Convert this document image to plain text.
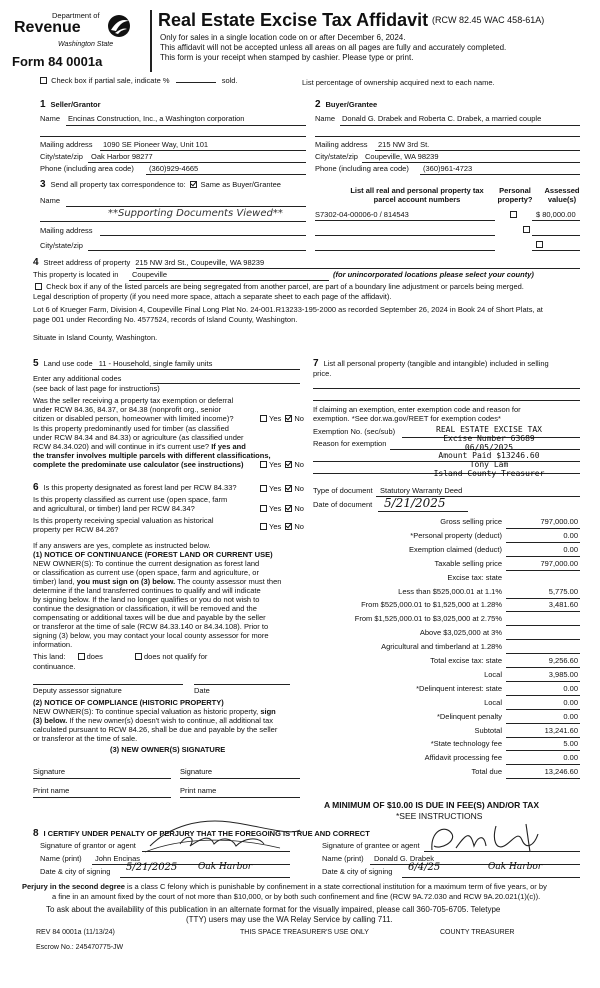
Department of
Revenue
Washington State
Form 84 0001a
Real Estate Excise Tax Affidavit (RCW 82.45 WAC 458-61A)
Only for sales in a single location code on or after December 6, 2024.
This affidavit will not be accepted unless all areas on all pages are fully and accurately completed.
This form is your receipt when stamped by cashier. Please type or print.
Check box if partial sale, indicate %	sold.	List percentage of ownership acquired next to each name.
1 Seller/Grantor
Name Encinas Construction, Inc., a Washington corporation
Mailing address 1090 SE Pioneer Way, Unit 101
City/state/zip Oak Harbor 98277
Phone (including area code) (360)929-4665
2 Buyer/Grantee
Name Donald G. Drabek and Roberta C. Drabek, a married couple
Mailing address 215 NW 3rd St.
City/state/zip Coupeville, WA 98239
Phone (including area code) (360)961-4723
3 Send all property tax correspondence to: Same as Buyer/Grantee
Name
**Supporting Documents Viewed**
Mailing address
City/state/zip
List all real and personal property tax parcel account numbers
Personal property?
Assessed value(s)
S7302-04-00006-0 / 814543
	$ 80,000.00

4 Street address of property 215 NW 3rd St., Coupeville, WA 98239
This property is located in Coupeville	(for unincorporated locations please select your county)
Check box if any of the listed parcels are being segregated from another parcel, are part of a boundary line adjustment or parcels being merged.
Legal description of property (if you need more space, attach a separate sheet to each page of the affidavit).
Lot 6 of Krueger Farm, Division 4, Coupeville Final Long Plat No. 24-001.R13233-195-2000 as recorded September 26, 2024 in Book 24 of Short Plats, at
page 001 under Recording No. 4577524, records of Island County, Washington.
Situate in Island County, Washington.
5 Land use code 11 - Household, single family units
Enter any additional codes
(see back of last page for instructions)
Was the seller receiving a property tax exemption or deferral
under RCW 84.36, 84.37, or 84.38 (nonprofit org., senior
citizen or disabled person, homeowner with limited income)?	Yes No
Is this property predominantly used for timber (as classified
under RCW 84.34 and 84.33) or agriculture (as classified under
RCW 84.34.020) and will continue in it's current use? If yes and
the transfer involves multiple parcels with different classifications,
complete the predominate use calculator (see instructions)	Yes No
6 Is this property designated as forest land per RCW 84.33?	Yes No
Is this property classified as current use (open space, farm
and agricultural, or timber) land per RCW 84.34?	Yes No
Is this property receiving special valuation as historical
property per RCW 84.26?	Yes No
If any answers are yes, complete as instructed below.
(1) NOTICE OF CONTINUANCE (FOREST LAND OR CURRENT USE)
NEW OWNER(S): To continue the current designation as forest land
or classification as current use (open space, farm and agriculture, or
timber) land, you must sign on (3) below. The county assessor must then
determine if the land transferred continues to qualify and will indicate
by signing below. If the land no longer qualifies or you do not wish to
continue the designation or classification, it will be removed and the
compensating or additional taxes will be due and payable by the seller
or transferor at the time of sale (RCW 84.33.140 or 84.34.108). Prior to
signing (3) below, you may contact your local county assessor for more
information.
This land:	does	does not qualify for
continuance.
Deputy assessor signature	Date
(2) NOTICE OF COMPLIANCE (HISTORIC PROPERTY)
NEW OWNER(S): To continue special valuation as historic property, sign
(3) below. If the new owner(s) doesn't wish to continue, all additional tax
calculated pursuant to RCW 84.26, shall be due and payable by the seller
or transferor at the time of sale.
(3) NEW OWNER(S) SIGNATURE
Signature	Signature
Print name	Print name
7 List all personal property (tangible and intangible) included in selling
price.
If claiming an exemption, enter exemption code and reason for
exemption. *See dor.wa.gov/REET for exemption codes*
Exemption No. (sec/sub)
Reason for exemption
REAL ESTATE EXCISE TAX
Excise Number 63689
06/05/2025
Amount Paid $13246.60
Tony Lam
Island County Treasurer
Type of document Statutory Warranty Deed
Date of document 5/21/2025
Gross selling price	797,000.00
*Personal property (deduct)	0.00
Exemption claimed (deduct)	0.00
Taxable selling price	797,000.00
Excise tax: state
Less than $525,000.01 at 1.1%	5,775.00
From $525,000.01 to $1,525,000 at 1.28%	3,481.60
From $1,525,000.01 to $3,025,000 at 2.75%
Above $3,025,000 at 3%
Agricultural and timberland at 1.28%
Total excise tax: state	9,256.60
Local	3,985.00
*Delinquent interest: state	0.00
Local	0.00
*Delinquent penalty	0.00
Subtotal	13,241.60
*State technology fee	5.00
Affidavit processing fee	0.00
Total due	13,246.60
A MINIMUM OF $10.00 IS DUE IN FEE(S) AND/OR TAX
*SEE INSTRUCTIONS
8 I CERTIFY UNDER PENALTY OF PERJURY THAT THE FOREGOING IS TRUE AND CORRECT
Signature of grantor or agent	Signature of grantee or agent
Name (print) John Encinas	Name (print) Donald G. Drabek
Date & city of signing 5/21/2025 Oak Harbor	Date & city of signing 6/4/25	Oak Harbor
Perjury in the second degree is a class C felony which is punishable by confinement in a state correctional institution for a maximum term of five years, or by
a fine in an amount fixed by the court of not more than $10,000, or by both such confinement and fine (RCW 9A.72.030 and RCW 9A.20.021(1)(c)).
To ask about the availability of this publication in an alternate format for the visually impaired, please call 360-705-6705. Teletype
(TTY) users may use the WA Relay Service by calling 711.
REV 84 0001a (11/13/24)	THIS SPACE TREASURER'S USE ONLY	COUNTY TREASURER
Escrow No.: 245470775-JW
